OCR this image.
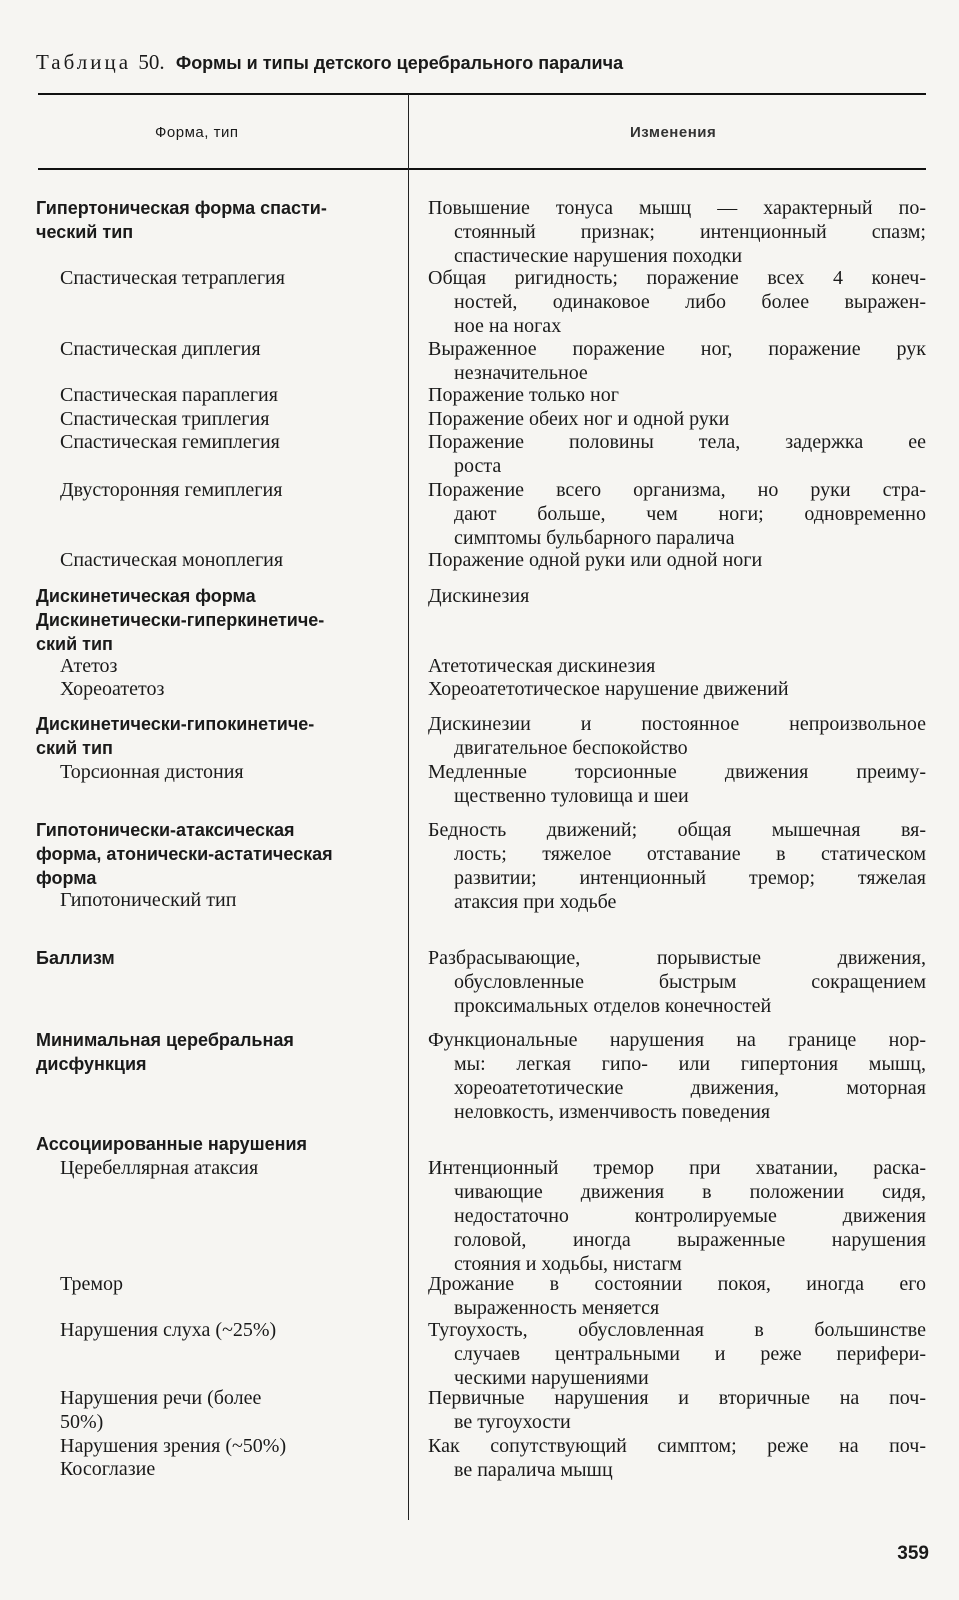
Таблица 50. Формы и типы детского церебрального паралича
Форма, тип	Изменения
Гипертоническая форма спасти-
ческий тип
Спастическая тетраплегия
Спастическая диплегия
Спастическая параплегия
Спастическая триплегия
Спастическая гемиплегия
Двусторонняя гемиплегия
Спастическая моноплегия
Дискинетическая форма
Дискинетически-гиперкинетиче-
ский тип
Атетоз
Хореоатетоз
Дискинетически-гипокинетиче-
ский тип
Торсионная дистония
Гипотонически-атаксическая
форма, атонически-астатическая
форма
Гипотонический тип
Баллизм
Минимальная церебральная
дисфункция
Ассоциированные нарушения
Церебеллярная атаксия
Тремор
Нарушения слуха (~25%)
Нарушения речи (более
50%)
Нарушения зрения (~50%)
Косоглазие
Повышение тонуса мышц — характерный по-
стоянный признак; интенционный спазм;
спастические нарушения походки
Общая ригидность; поражение всех 4 конеч-
ностей, одинаковое либо более выражен-
ное на ногах
Выраженное поражение ног, поражение рук
незначительное
Поражение только ног
Поражение обеих ног и одной руки
Поражение половины тела, задержка ее
роста
Поражение всего организма, но руки стра-
дают больше, чем ноги; одновременно
симптомы бульбарного паралича
Поражение одной руки или одной ноги
Дискинезия
Атетотическая дискинезия
Хореоатетотическое нарушение движений
Дискинезии и постоянное непроизвольное
двигательное беспокойство
Медленные торсионные движения преиму-
щественно туловища и шеи
Бедность движений; общая мышечная вя-
лость; тяжелое отставание в статическом
развитии; интенционный тремор; тяжелая
атаксия при ходьбе
Разбрасывающие, порывистые движения,
обусловленные быстрым сокращением
проксимальных отделов конечностей
Функциональные нарушения на границе нор-
мы: легкая гипо- или гипертония мышц,
хореоатетотические движения, моторная
неловкость, изменчивость поведения
Интенционный тремор при хватании, раска-
чивающие движения в положении сидя,
недостаточно контролируемые движения
головой, иногда выраженные нарушения
стояния и ходьбы, нистагм
Дрожание в состоянии покоя, иногда его
выраженность меняется
Тугоухость, обусловленная в большинстве
случаев центральными и реже перифери-
ческими нарушениями
Первичные нарушения и вторичные на поч-
ве тугоухости
Как сопутствующий симптом; реже на поч-
ве паралича мышц
359
